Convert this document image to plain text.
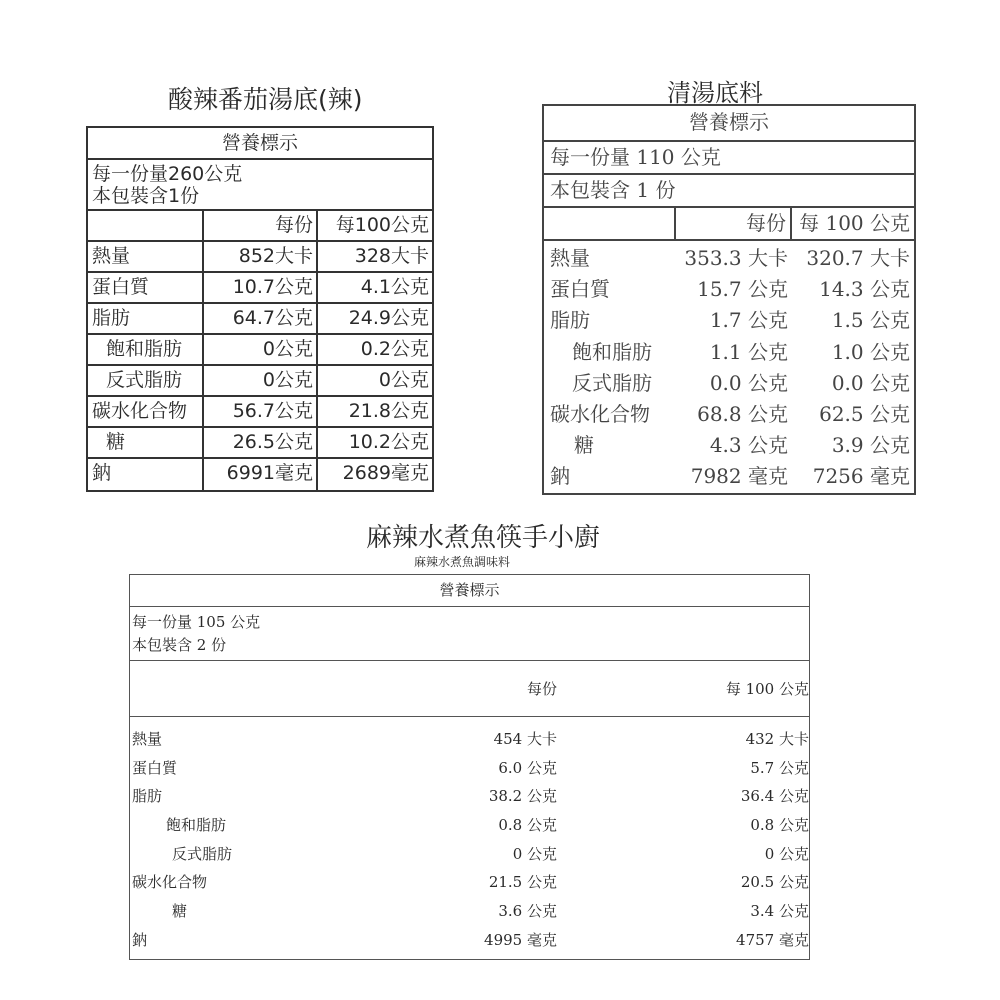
酸辣番茄湯底(辣)
營養標示
每一份量260公克
本包裝含1份
每份	每100公克
熱量	852大卡	328大卡
蛋白質	10.7公克	4.1公克
脂肪	64.7公克	24.9公克
飽和脂肪	0公克	0.2公克
反式脂肪	0公克	0公克
碳水化合物	56.7公克	21.8公克
糖	26.5公克	10.2公克
鈉	6991毫克	2689毫克
清湯底料
營養標示
每一份量 110 公克
本包裝含 1 份
每份 每 100 公克
熱量	353.3 大卡 320.7 大卡
蛋白質	15.7 公克	14.3 公克
脂肪	1.7 公克	1.5 公克
飽和脂肪	1.1 公克	1.0 公克
反式脂肪	0.0 公克	0.0 公克
碳水化合物	68.8 公克	62.5 公克
糖	4.3 公克	3.9 公克
鈉	7982 毫克	7256 毫克
麻辣水煮魚筷手小廚
麻辣水煮魚調味料
營養標示
每一份量 105 公克
本包裝含 2 份
每份	每 100 公克
熱量	454 大卡	432 大卡
蛋白質	6.0 公克	5.7 公克
脂肪	38.2 公克	36.4 公克
飽和脂肪	0.8 公克	0.8 公克
反式脂肪	0 公克	0 公克
碳水化合物	21.5 公克	20.5 公克
糖	3.6 公克	3.4 公克
鈉	4995 毫克	4757 毫克
